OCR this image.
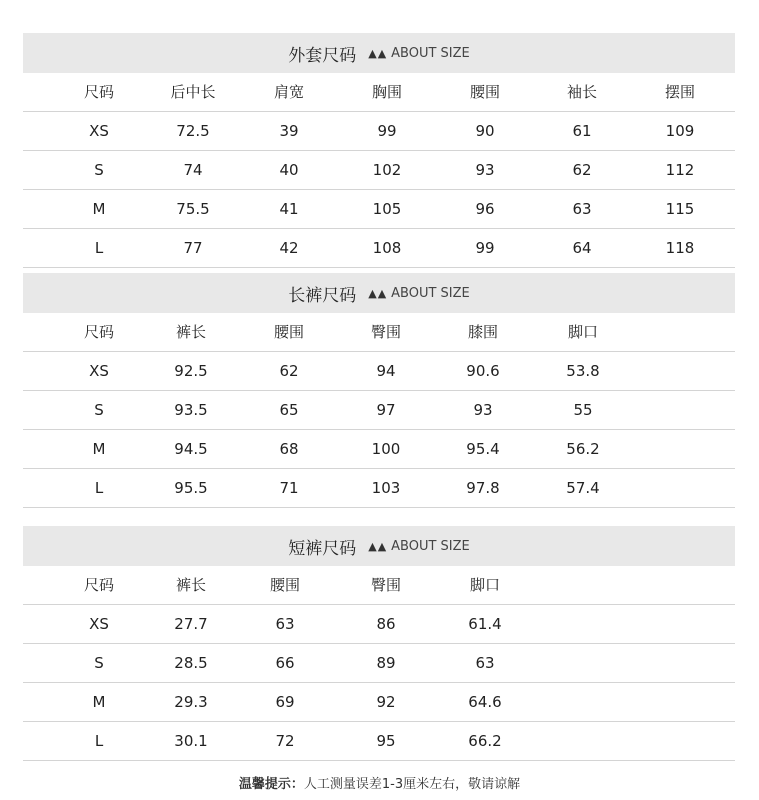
外套尺码 ▲▲ ABOUT SIZE
尺码	后中长	肩宽	胸围	腰围	袖长	摆围
XS	72.5	39	99	90	61	109
S	74	40	102	93	62	112
M	75.5	41	105	96	63	115
L	77	42	108	99	64	118
长裤尺码 ▲▲ ABOUT SIZE
尺码	裤长	腰围	臀围	膝围	脚口
XS	92.5	62	94	90.6	53.8
S	93.5	65	97	93	55
M	94.5	68	100	95.4	56.2
L	95.5	71	103	97.8	57.4
短裤尺码 ▲▲ ABOUT SIZE
尺码	裤长	腰围	臀围	脚口
XS	27.7	63	86	61.4
S	28.5	66	89	63
M	29.3	69	92	64.6
L	30.1	72	95	66.2
温馨提示：人工测量误差1-3厘米左右，敬请谅解
